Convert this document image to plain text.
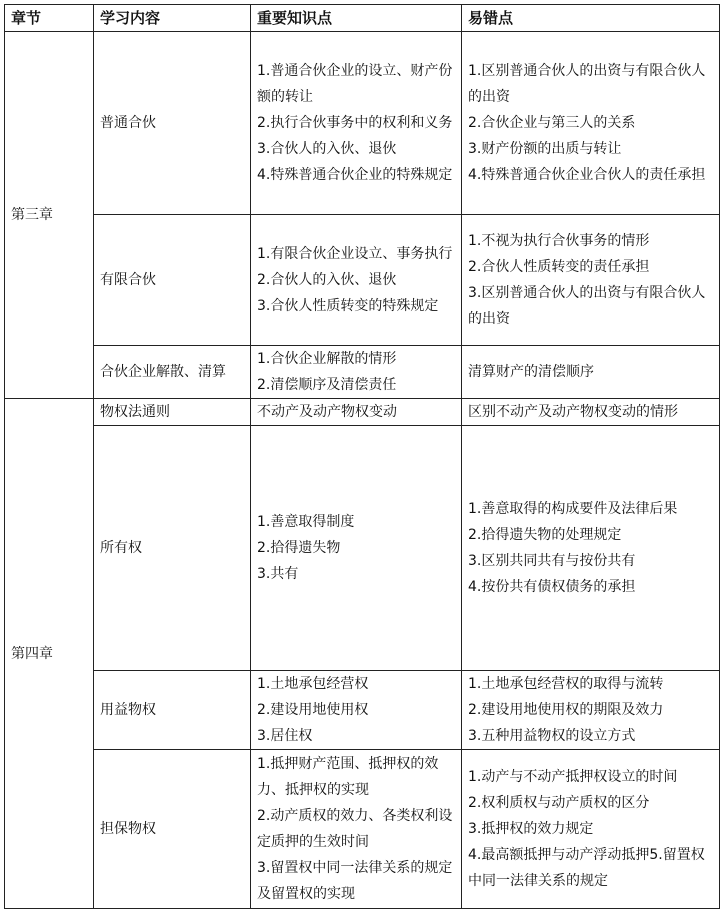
章节	学习内容	重要知识点	易错点
第三章	普通合伙	1.普通合伙企业的设立、财产份额的转让
2.执行合伙事务中的权利和义务
3.合伙人的入伙、退伙
4.特殊普通合伙企业的特殊规定	1.区别普通合伙人的出资与有限合伙人的出资
2.合伙企业与第三人的关系
3.财产份额的出质与转让
4.特殊普通合伙企业合伙人的责任承担

	有限合伙	1.有限合伙企业设立、事务执行
2.合伙人的入伙、退伙
3.合伙人性质转变的特殊规定	1.不视为执行合伙事务的情形
2.合伙人性质转变的责任承担
3.区别普通合伙人的出资与有限合伙人的出资

	合伙企业解散、清算	1.合伙企业解散的情形
2.清偿顺序及清偿责任	清算财产的清偿顺序

第四章	物权法通则	不动产及动产物权变动	区别不动产及动产物权变动的情形

	所有权	1.善意取得制度
2.拾得遗失物
3.共有	1.善意取得的构成要件及法律后果
2.拾得遗失物的处理规定
3.区别共同共有与按份共有
4.按份共有债权债务的承担

	用益物权	1.土地承包经营权
2.建设用地使用权
3.居住权	1.土地承包经营权的取得与流转
2.建设用地使用权的期限及效力
3.五种用益物权的设立方式

	担保物权	1.抵押财产范围、抵押权的效力、抵押权的实现
2.动产质权的效力、各类权利设定质押的生效时间
3.留置权中同一法律关系的规定及留置权的实现	1.动产与不动产抵押权设立的时间
2.权利质权与动产质权的区分
3.抵押权的效力规定
4.最高额抵押与动产浮动抵押5.留置权中同一法律关系的规定
